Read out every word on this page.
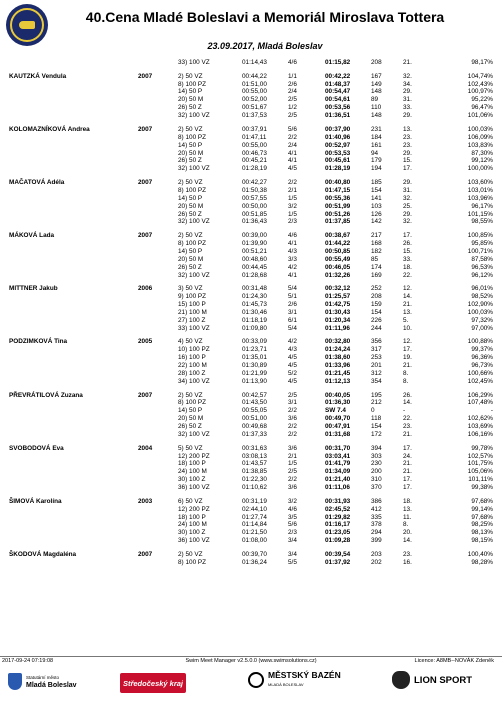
40.Cena Mladé Boleslavi a Memoriál Miroslava Tottera
23.09.2017, Mladá Boleslav
33) 100 VZ	01:14,43	4/6	01:15,82	208	21.	98,17%
KAUTZKÁ Vendula	2007	2) 50 VZ	00:44,22	1/1	00:42,22	167	32.	104,74%
8) 100 PZ	01:51,00	2/6	01:48,37	149	34.	102,43%
14) 50 P	00:55,00	2/4	00:54,47	148	29.	100,97%
20) 50 M	00:52,00	2/5	00:54,61	89	31.	95,22%
26) 50 Z	00:51,67	1/2	00:53,56	110	33.	96,47%
32) 100 VZ	01:37,53	2/5	01:36,51	148	29.	101,06%
KOLOMAZNÍKOVÁ Andrea	2007	2) 50 VZ	00:37,91	5/6	00:37,90	231	13.	100,03%
8) 100 PZ	01:47,11	2/2	01:40,96	184	23.	106,09%
14) 50 P	00:55,00	2/4	00:52,97	161	23.	103,83%
20) 50 M	00:46,73	4/1	00:53,53	94	29.	87,30%
26) 50 Z	00:45,21	4/1	00:45,61	179	15.	99,12%
32) 100 VZ	01:28,19	4/5	01:28,19	194	17.	100,00%
MAČATOVÁ Adéla	2007	2) 50 VZ	00:42,27	2/2	00:40,80	185	29.	103,60%
8) 100 PZ	01:50,38	2/1	01:47,15	154	31.	103,01%
14) 50 P	00:57,55	1/5	00:55,36	141	32.	103,96%
20) 50 M	00:50,00	3/2	00:51,99	103	25.	96,17%
26) 50 Z	00:51,85	1/5	00:51,26	126	29.	101,15%
32) 100 VZ	01:36,43	2/3	01:37,85	142	32.	98,55%
MÁKOVÁ Lada	2007	2) 50 VZ	00:39,00	4/6	00:38,67	217	17.	100,85%
8) 100 PZ	01:39,90	4/1	01:44,22	168	26.	95,85%
14) 50 P	00:51,21	4/3	00:50,85	182	15.	100,71%
20) 50 M	00:48,60	3/3	00:55,49	85	33.	87,58%
26) 50 Z	00:44,45	4/2	00:46,05	174	18.	96,53%
32) 100 VZ	01:28,68	4/1	01:32,26	169	22.	96,12%
MITTNER Jakub	2006	3) 50 VZ	00:31,48	5/4	00:32,12	252	12.	96,01%
9) 100 PZ	01:24,30	5/1	01:25,57	208	14.	98,52%
15) 100 P	01:45,73	2/6	01:42,75	159	21.	102,90%
21) 100 M	01:30,46	3/1	01:30,43	154	13.	100,03%
27) 100 Z	01:18,19	6/1	01:20,34	226	5.	97,32%
33) 100 VZ	01:09,80	5/4	01:11,96	244	10.	97,00%
PODZIMKOVÁ Tina	2005	4) 50 VZ	00:33,09	4/2	00:32,80	356	12.	100,88%
10) 100 PZ	01:23,71	4/3	01:24,24	317	17.	99,37%
16) 100 P	01:35,01	4/5	01:38,60	253	19.	96,36%
22) 100 M	01:30,89	4/5	01:33,96	201	21.	96,73%
28) 100 Z	01:21,99	5/2	01:21,45	312	8.	100,66%
34) 100 VZ	01:13,90	4/5	01:12,13	354	8.	102,45%
PŘEVRÁTILOVÁ Zuzana	2007	2) 50 VZ	00:42,57	2/5	00:40,05	195	26.	106,29%
8) 100 PZ	01:43,50	3/1	01:36,30	212	14.	107,48%
14) 50 P	00:55,05	2/2	SW 7.4	0	-	-
20) 50 M	00:51,00	3/6	00:49,70	118	22.	102,62%
26) 50 Z	00:49,68	2/2	00:47,91	154	23.	103,69%
32) 100 VZ	01:37,33	2/2	01:31,68	172	21.	106,16%
SVOBODOVÁ Eva	2004	5) 50 VZ	00:31,63	3/6	00:31,70	394	17.	99,78%
12) 200 PZ	03:08,13	2/1	03:03,41	303	24.	102,57%
18) 100 P	01:43,57	1/5	01:41,79	230	21.	101,75%
24) 100 M	01:38,85	2/5	01:34,09	200	21.	105,06%
30) 100 Z	01:22,30	2/2	01:21,40	310	17.	101,11%
36) 100 VZ	01:10,62	3/6	01:11,06	370	17.	99,38%
ŠIMOVÁ Karolína	2003	6) 50 VZ	00:31,19	3/2	00:31,93	386	18.	97,68%
12) 200 PZ	02:44,10	4/6	02:45,52	412	13.	99,14%
18) 100 P	01:27,74	3/5	01:29,82	335	11.	97,68%
24) 100 M	01:14,84	5/6	01:16,17	378	8.	98,25%
30) 100 Z	01:21,50	2/3	01:23,05	294	20.	98,13%
36) 100 VZ	01:08,00	3/4	01:09,28	399	14.	98,15%
ŠKODOVÁ Magdaléna	2007	2) 50 VZ	00:39,70	3/4	00:39,54	203	23.	100,40%
8) 100 PZ	01:36,24	5/5	01:37,92	202	16.	98,28%
2017-09-24 07:19:08	Swim Meet Manager v2.5.0.0 (www.swimsolutions.cz)	Licence: A8MB--NOVÁK Zdeněk
Statutární město
Mladá Boleslav	Středočeský kraj
MĚSTSKÝ BAZÉN
MLADÁ BOLESLAV	LION SPORT
